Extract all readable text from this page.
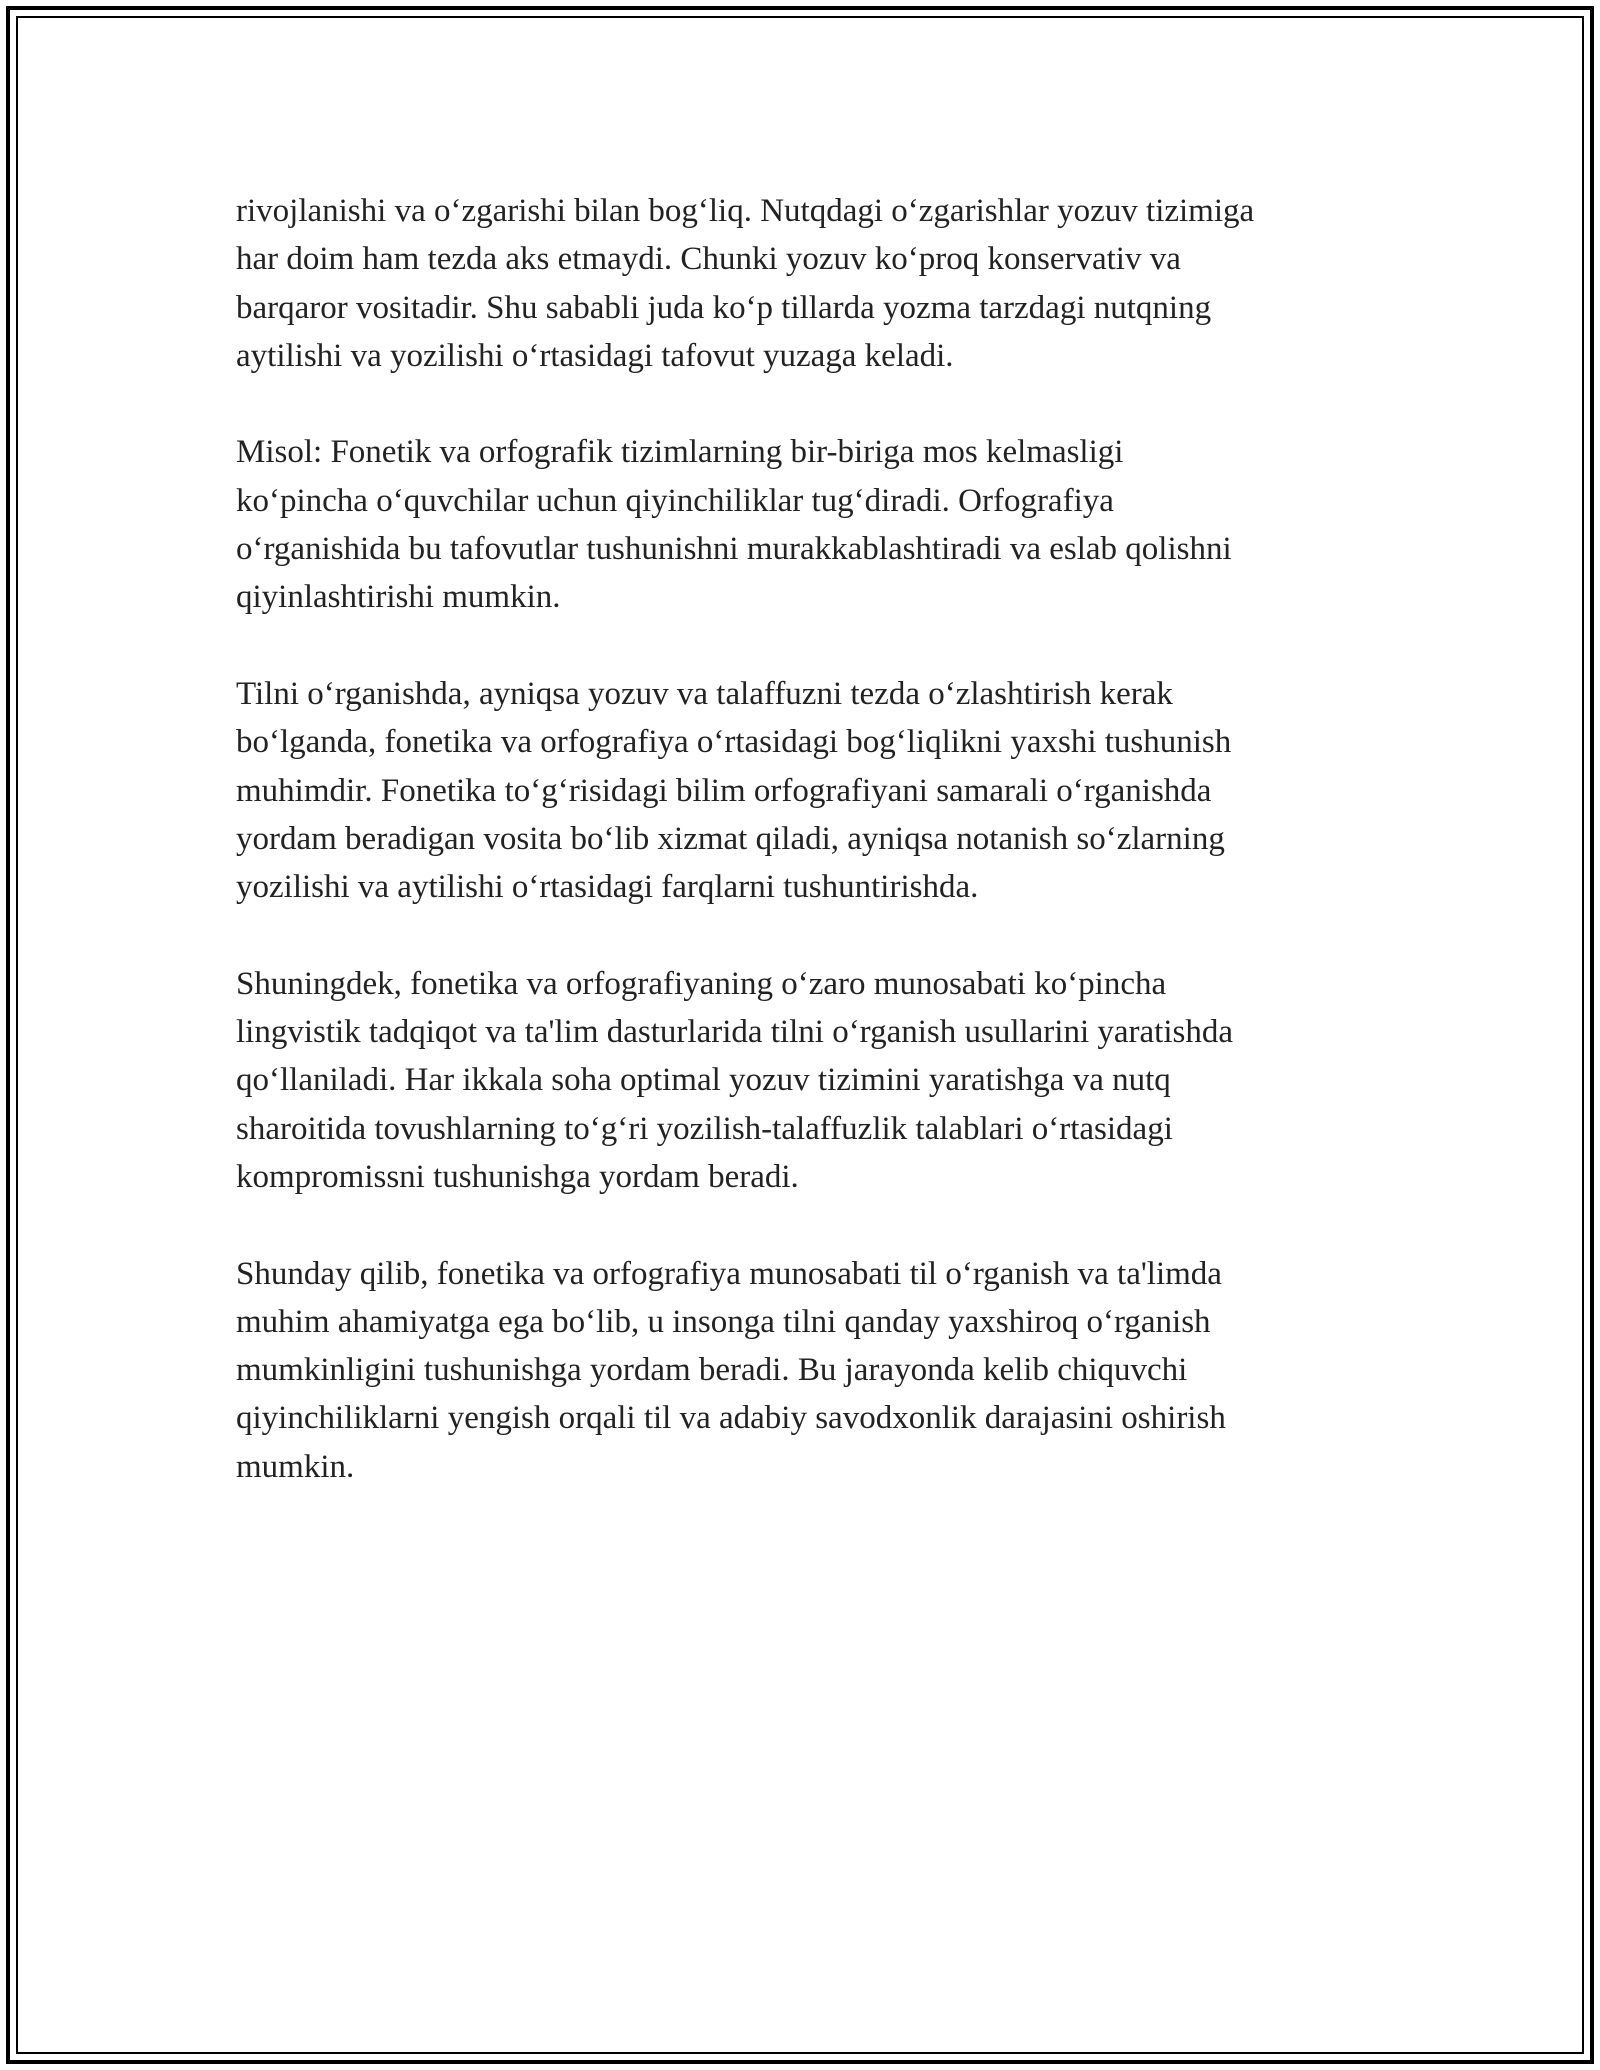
rivojlanishi va o‘zgarishi bilan bog‘liq. Nutqdagi o‘zgarishlar yozuv tizimiga
har doim ham tezda aks etmaydi. Chunki yozuv ko‘proq konservativ va
barqaror vositadir. Shu sababli juda ko‘p tillarda yozma tarzdagi nutqning
aytilishi va yozilishi o‘rtasidagi tafovut yuzaga keladi.

Misol: Fonetik va orfografik tizimlarning bir-biriga mos kelmasligi
ko‘pincha o‘quvchilar uchun qiyinchiliklar tug‘diradi. Orfografiya
o‘rganishida bu tafovutlar tushunishni murakkablashtiradi va eslab qolishni
qiyinlashtirishi mumkin.

Tilni o‘rganishda, ayniqsa yozuv va talaffuzni tezda o‘zlashtirish kerak
bo‘lganda, fonetika va orfografiya o‘rtasidagi bog‘liqlikni yaxshi tushunish
muhimdir. Fonetika to‘g‘risidagi bilim orfografiyani samarali o‘rganishda
yordam beradigan vosita bo‘lib xizmat qiladi, ayniqsa notanish so‘zlarning
yozilishi va aytilishi o‘rtasidagi farqlarni tushuntirishda.

Shuningdek, fonetika va orfografiyaning o‘zaro munosabati ko‘pincha
lingvistik tadqiqot va ta'lim dasturlarida tilni o‘rganish usullarini yaratishda
qo‘llaniladi. Har ikkala soha optimal yozuv tizimini yaratishga va nutq
sharoitida tovushlarning to‘g‘ri yozilish-talaffuzlik talablari o‘rtasidagi
kompromissni tushunishga yordam beradi.

Shunday qilib, fonetika va orfografiya munosabati til o‘rganish va ta'limda
muhim ahamiyatga ega bo‘lib, u insonga tilni qanday yaxshiroq o‘rganish
mumkinligini tushunishga yordam beradi. Bu jarayonda kelib chiquvchi
qiyinchiliklarni yengish orqali til va adabiy savodxonlik darajasini oshirish
mumkin.
